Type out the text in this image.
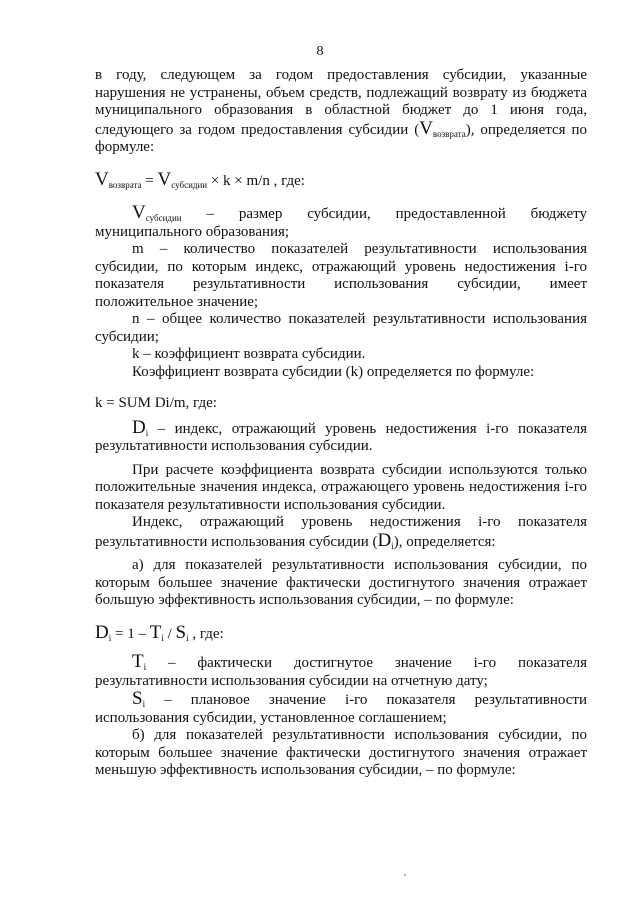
8

в году, следующем за годом предоставления субсидии, указанные нарушения не устранены, объем средств, подлежащий возврату из бюджета муниципального образования в областной бюджет до 1 июня года, следующего за годом предоставления субсидии $(V_{возврата})$, определяется по формуле:

$V_{возврата} = V_{субсидии} \times k \times m/n$ , где:

$V_{субсидии}$ – размер субсидии, предоставленной бюджету муниципального образования;

m – количество показателей результативности использования субсидии, по которым индекс, отражающий уровень недостижения i-го показателя результативности использования субсидии, имеет положительное значение;

n – общее количество показателей результативности использования субсидии;

k – коэффициент возврата субсидии.

Коэффициент возврата субсидии (k) определяется по формуле:

k = SUM Di/m, где:

$D_i$ – индекс, отражающий уровень недостижения i-го показателя результативности использования субсидии.

При расчете коэффициента возврата субсидии используются только положительные значения индекса, отражающего уровень недостижения i-го показателя результативности использования субсидии.

Индекс, отражающий уровень недостижения i-го показателя результативности использования субсидии $(D_i)$, определяется:

а) для показателей результативности использования субсидии, по которым большее значение фактически достигнутого значения отражает большую эффективность использования субсидии, – по формуле:

$D_i = 1 - T_i / S_i$ , где:

$T_i$ – фактически достигнутое значение i-го показателя результативности использования субсидии на отчетную дату;

$S_i$ – плановое значение i-го показателя результативности использования субсидии, установленное соглашением;

б) для показателей результативности использования субсидии, по которым большее значение фактически достигнутого значения отражает меньшую эффективность использования субсидии, – по формуле:
